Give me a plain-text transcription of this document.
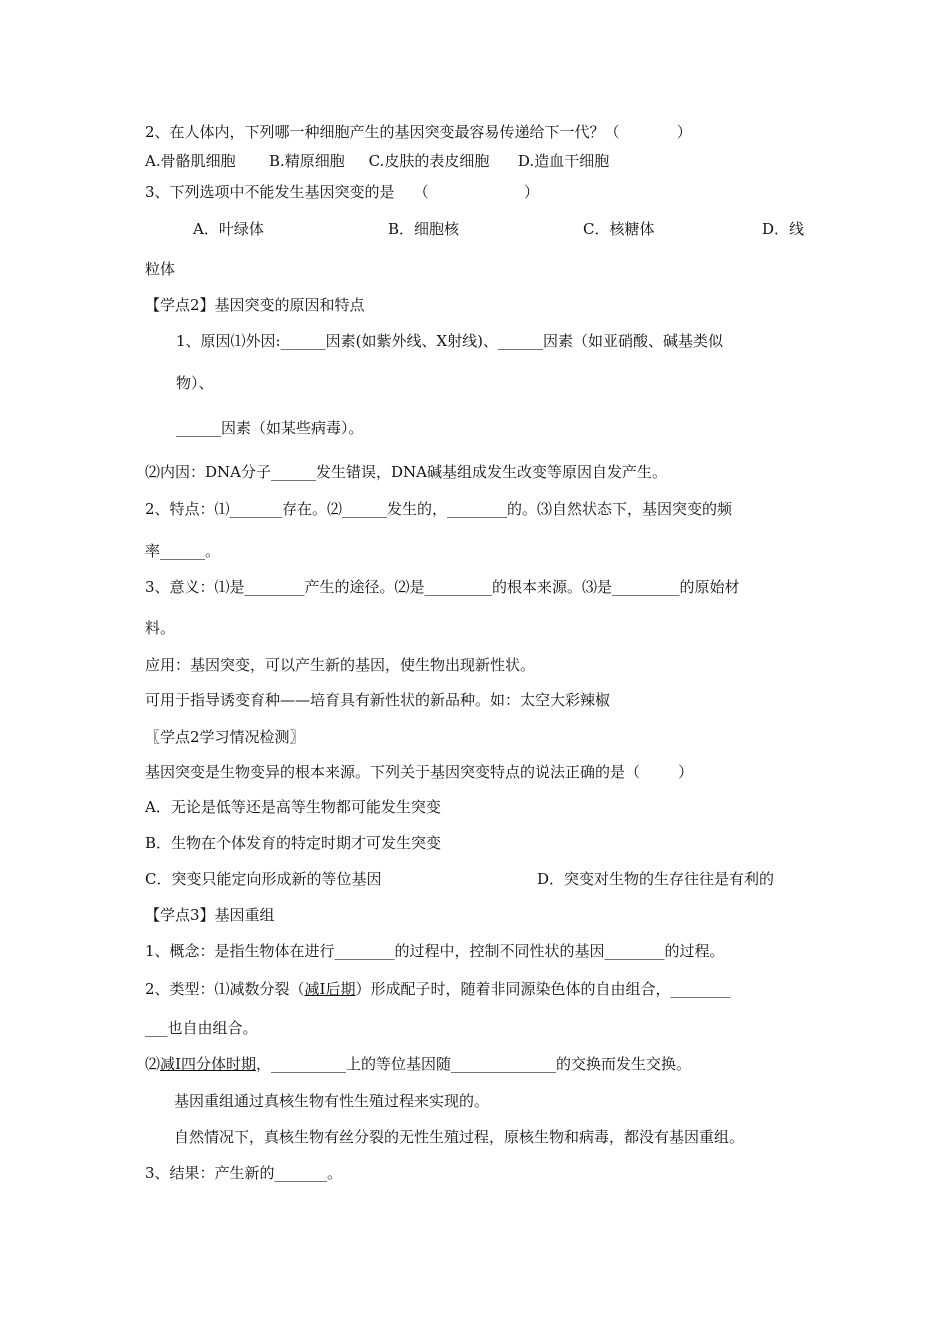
2、在人体内，下列哪一种细胞产生的基因突变最容易传递给下一代？（            ）
A.骨骼肌细胞       B.精原细胞     C.皮肤的表皮细胞      D.造血干细胞
3、下列选项中不能发生基因突变的是    （                    ）
A．叶绿体	B．细胞核	C．核糖体	D．线
粒体
【学点2】基因突变的原因和特点
1、原因⑴外因:______因素(如紫外线、X射线)、______因素（如亚硝酸、碱基类似
物）、
______因素（如某些病毒）。
⑵内因：DNA分子______发生错误，DNA碱基组成发生改变等原因自发产生。
2、特点：⑴_______存在。⑵______发生的，________的。⑶自然状态下，基因突变的频
率______。
3、意义：⑴是________产生的途径。⑵是_________的根本来源。⑶是_________的原始材
料。
应用：基因突变，可以产生新的基因，使生物出现新性状。
可用于指导诱变育种——培育具有新性状的新品种。如：太空大彩辣椒
〖学点2学习情况检测〗
基因突变是生物变异的根本来源。下列关于基因突变特点的说法正确的是（        ）
A．无论是低等还是高等生物都可能发生突变
B．生物在个体发育的特定时期才可发生突变
C．突变只能定向形成新的等位基因	D．突变对生物的生存往往是有利的
【学点3】基因重组
1、概念：是指生物体在进行________的过程中，控制不同性状的基因________的过程。
2、类型：⑴减数分裂（减Ⅰ后期）形成配子时，随着非同源染色体的自由组合，________
___也自由组合。
⑵减Ⅰ四分体时期，__________上的等位基因随______________的交换而发生交换。
基因重组通过真核生物有性生殖过程来实现的。
自然情况下，真核生物有丝分裂的无性生殖过程，原核生物和病毒，都没有基因重组。
3、结果：产生新的_______。
